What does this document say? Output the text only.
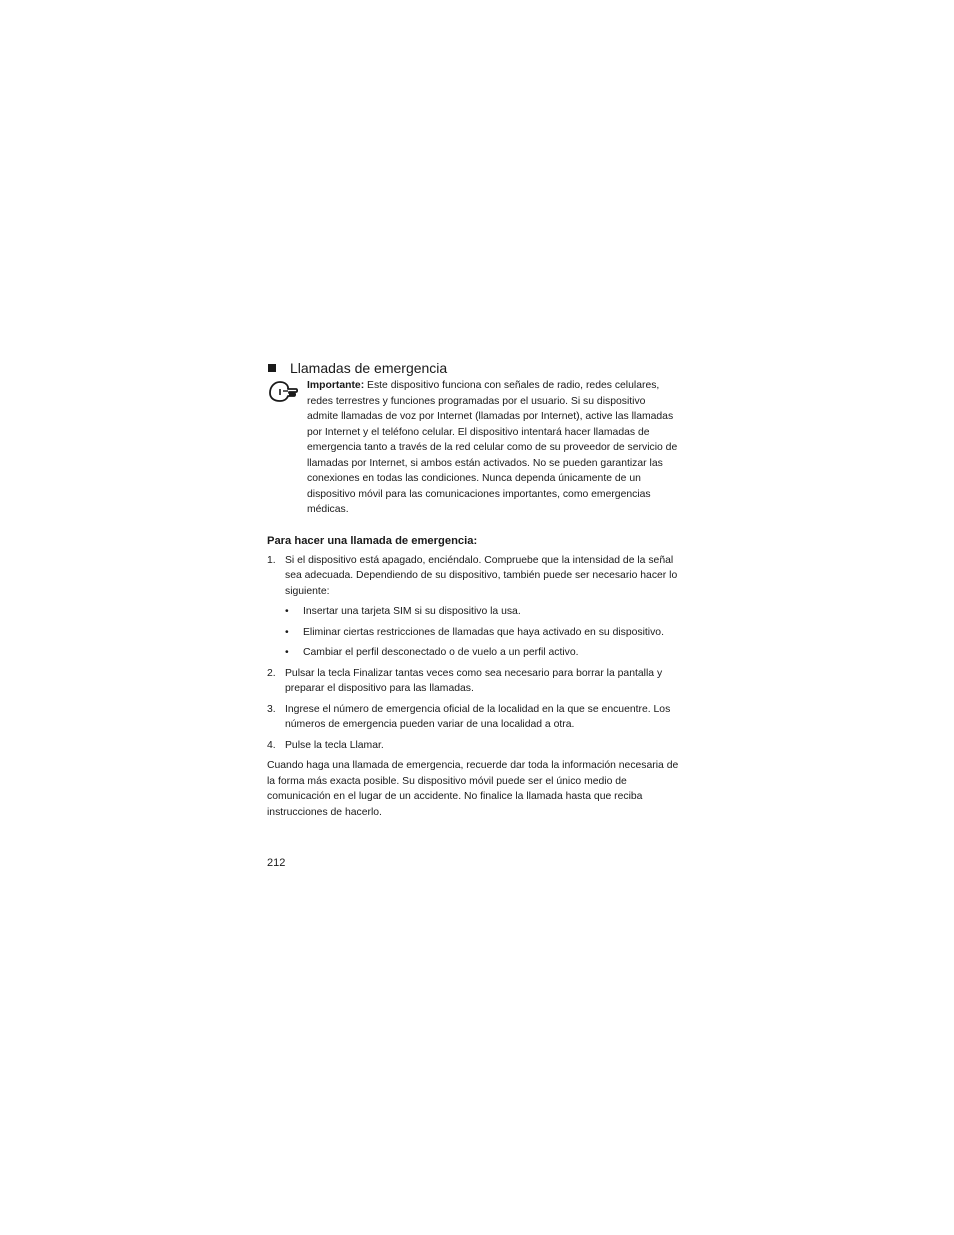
Llamadas de emergencia

Importante: Este dispositivo funciona con señales de radio, redes celulares, redes terrestres y funciones programadas por el usuario. Si su dispositivo admite llamadas de voz por Internet (llamadas por Internet), active las llamadas por Internet y el teléfono celular. El dispositivo intentará hacer llamadas de emergencia tanto a través de la red celular como de su proveedor de servicio de llamadas por Internet, si ambos están activados. No se pueden garantizar las conexiones en todas las condiciones. Nunca dependa únicamente de un dispositivo móvil para las comunicaciones importantes, como emergencias médicas.

Para hacer una llamada de emergencia:
1. Si el dispositivo está apagado, enciéndalo. Compruebe que la intensidad de la señal sea adecuada. Dependiendo de su dispositivo, también puede ser necesario hacer lo siguiente:
• Insertar una tarjeta SIM si su dispositivo la usa.
• Eliminar ciertas restricciones de llamadas que haya activado en su dispositivo.
• Cambiar el perfil desconectado o de vuelo a un perfil activo.
2. Pulsar la tecla Finalizar tantas veces como sea necesario para borrar la pantalla y preparar el dispositivo para las llamadas.
3. Ingrese el número de emergencia oficial de la localidad en la que se encuentre. Los números de emergencia pueden variar de una localidad a otra.
4. Pulse la tecla Llamar.

Cuando haga una llamada de emergencia, recuerde dar toda la información necesaria de la forma más exacta posible. Su dispositivo móvil puede ser el único medio de comunicación en el lugar de un accidente. No finalice la llamada hasta que reciba instrucciones de hacerlo.

212
